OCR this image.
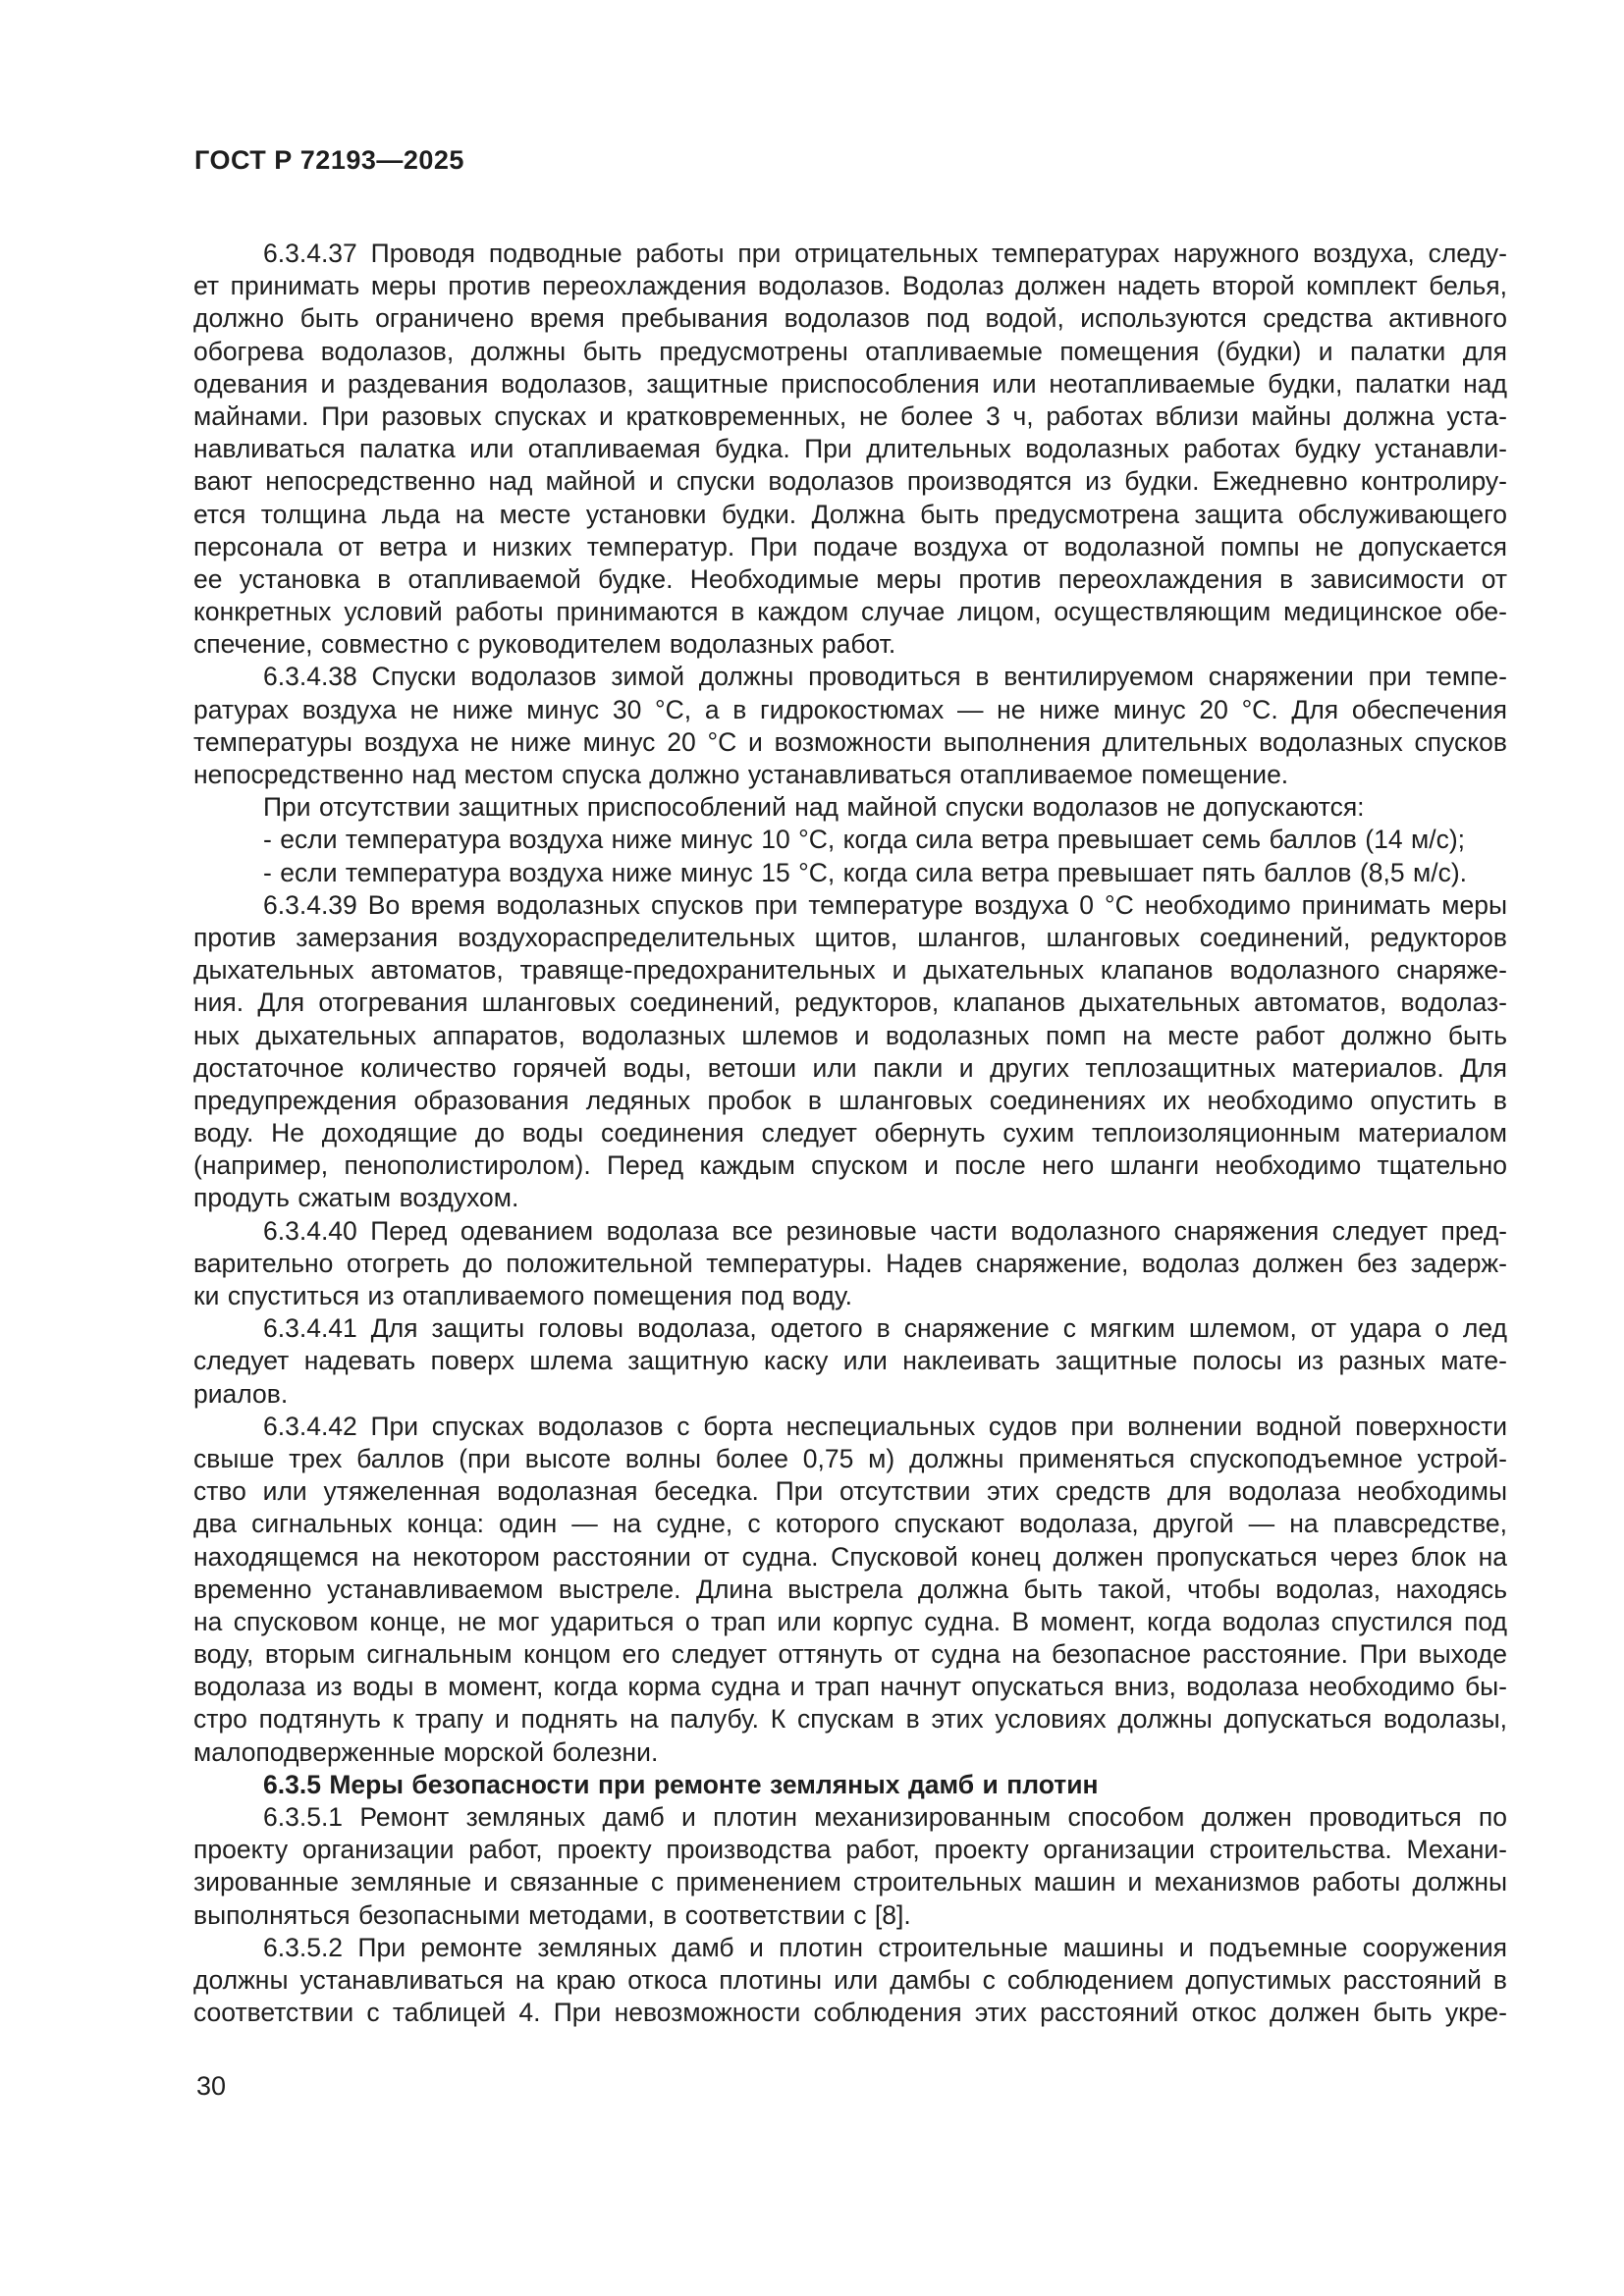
ГОСТ Р 72193—2025
6.3.4.37 Проводя подводные работы при отрицательных температурах наружного воздуха, следу-
ет принимать меры против переохлаждения водолазов. Водолаз должен надеть второй комплект белья,
должно быть ограничено время пребывания водолазов под водой, используются средства активного
обогрева водолазов, должны быть предусмотрены отапливаемые помещения (будки) и палатки для
одевания и раздевания водолазов, защитные приспособления или неотапливаемые будки, палатки над
майнами. При разовых спусках и кратковременных, не более 3 ч, работах вблизи майны должна уста-
навливаться палатка или отапливаемая будка. При длительных водолазных работах будку устанавли-
вают непосредственно над майной и спуски водолазов производятся из будки. Ежедневно контролиру-
ется толщина льда на месте установки будки. Должна быть предусмотрена защита обслуживающего
персонала от ветра и низких температур. При подаче воздуха от водолазной помпы не допускается
ее установка в отапливаемой будке. Необходимые меры против переохлаждения в зависимости от
конкретных условий работы принимаются в каждом случае лицом, осуществляющим медицинское обе-
спечение, совместно с руководителем водолазных работ.
6.3.4.38 Спуски водолазов зимой должны проводиться в вентилируемом снаряжении при темпе-
ратурах воздуха не ниже минус 30 °С, а в гидрокостюмах — не ниже минус 20 °С. Для обеспечения
температуры воздуха не ниже минус 20 °С и возможности выполнения длительных водолазных спусков
непосредственно над местом спуска должно устанавливаться отапливаемое помещение.
При отсутствии защитных приспособлений над майной спуски водолазов не допускаются:
- если температура воздуха ниже минус 10 °С, когда сила ветра превышает семь баллов (14 м/с);
- если температура воздуха ниже минус 15 °С, когда сила ветра превышает пять баллов (8,5 м/с).
6.3.4.39 Во время водолазных спусков при температуре воздуха 0 °С необходимо принимать меры
против замерзания воздухораспределительных щитов, шлангов, шланговых соединений, редукторов
дыхательных автоматов, травяще-предохранительных и дыхательных клапанов водолазного снаряже-
ния. Для отогревания шланговых соединений, редукторов, клапанов дыхательных автоматов, водолаз-
ных дыхательных аппаратов, водолазных шлемов и водолазных помп на месте работ должно быть
достаточное количество горячей воды, ветоши или пакли и других теплозащитных материалов. Для
предупреждения образования ледяных пробок в шланговых соединениях их необходимо опустить в
воду. Не доходящие до воды соединения следует обернуть сухим теплоизоляционным материалом
(например, пенополистиролом). Перед каждым спуском и после него шланги необходимо тщательно
продуть сжатым воздухом.
6.3.4.40 Перед одеванием водолаза все резиновые части водолазного снаряжения следует пред-
варительно отогреть до положительной температуры. Надев снаряжение, водолаз должен без задерж-
ки спуститься из отапливаемого помещения под воду.
6.3.4.41 Для защиты головы водолаза, одетого в снаряжение с мягким шлемом, от удара о лед
следует надевать поверх шлема защитную каску или наклеивать защитные полосы из разных мате-
риалов.
6.3.4.42 При спусках водолазов с борта неспециальных судов при волнении водной поверхности
свыше трех баллов (при высоте волны более 0,75 м) должны применяться спускоподъемное устрой-
ство или утяжеленная водолазная беседка. При отсутствии этих средств для водолаза необходимы
два сигнальных конца: один — на судне, с которого спускают водолаза, другой — на плавсредстве,
находящемся на некотором расстоянии от судна. Спусковой конец должен пропускаться через блок на
временно устанавливаемом выстреле. Длина выстрела должна быть такой, чтобы водолаз, находясь
на спусковом конце, не мог удариться о трап или корпус судна. В момент, когда водолаз спустился под
воду, вторым сигнальным концом его следует оттянуть от судна на безопасное расстояние. При выходе
водолаза из воды в момент, когда корма судна и трап начнут опускаться вниз, водолаза необходимо бы-
стро подтянуть к трапу и поднять на палубу. К спускам в этих условиях должны допускаться водолазы,
малоподверженные морской болезни.
6.3.5 Меры безопасности при ремонте земляных дамб и плотин
6.3.5.1 Ремонт земляных дамб и плотин механизированным способом должен проводиться по
проекту организации работ, проекту производства работ, проекту организации строительства. Механи-
зированные земляные и связанные с применением строительных машин и механизмов работы должны
выполняться безопасными методами, в соответствии с [8].
6.3.5.2 При ремонте земляных дамб и плотин строительные машины и подъемные сооружения
должны устанавливаться на краю откоса плотины или дамбы с соблюдением допустимых расстояний в
соответствии с таблицей 4. При невозможности соблюдения этих расстояний откос должен быть укре-
30
